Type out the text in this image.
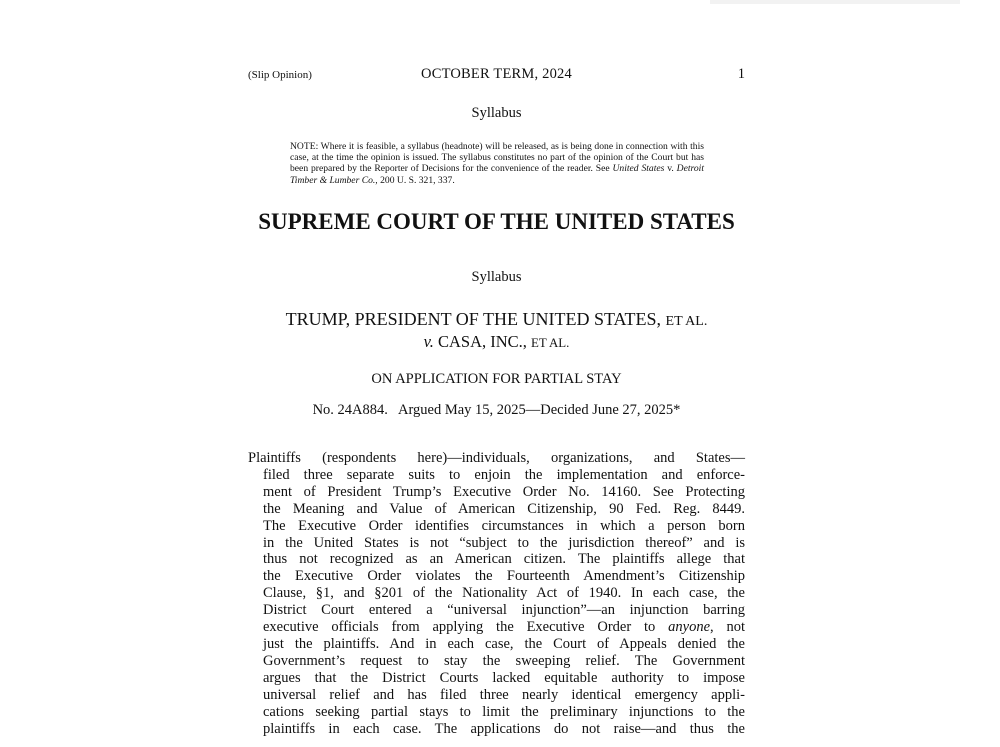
(Slip Opinion)	OCTOBER TERM, 2024	1
Syllabus
NOTE: Where it is feasible, a syllabus (headnote) will be released, as is being done in connection with this case, at the time the opinion is issued. The syllabus constitutes no part of the opinion of the Court but has been prepared by the Reporter of Decisions for the convenience of the reader. See United States v. Detroit Timber & Lumber Co., 200 U. S. 321, 337.
SUPREME COURT OF THE UNITED STATES
Syllabus
TRUMP, PRESIDENT OF THE UNITED STATES, ET AL.
v. CASA, INC., ET AL.
ON APPLICATION FOR PARTIAL STAY
No. 24A884.   Argued May 15, 2025—Decided June 27, 2025*
Plaintiffs (respondents here)—individuals, organizations, and States—
filed three separate suits to enjoin the implementation and enforce-
ment of President Trump’s Executive Order No. 14160. See Protecting
the Meaning and Value of American Citizenship, 90 Fed. Reg. 8449.
The Executive Order identifies circumstances in which a person born
in the United States is not “subject to the jurisdiction thereof” and is
thus not recognized as an American citizen. The plaintiffs allege that
the Executive Order violates the Fourteenth Amendment’s Citizenship
Clause, §1, and §201 of the Nationality Act of 1940. In each case, the
District Court entered a “universal injunction”—an injunction barring
executive officials from applying the Executive Order to anyone, not
just the plaintiffs. And in each case, the Court of Appeals denied the
Government’s request to stay the sweeping relief. The Government
argues that the District Courts lacked equitable authority to impose
universal relief and has filed three nearly identical emergency appli-
cations seeking partial stays to limit the preliminary injunctions to the
plaintiffs in each case. The applications do not raise—and thus the
